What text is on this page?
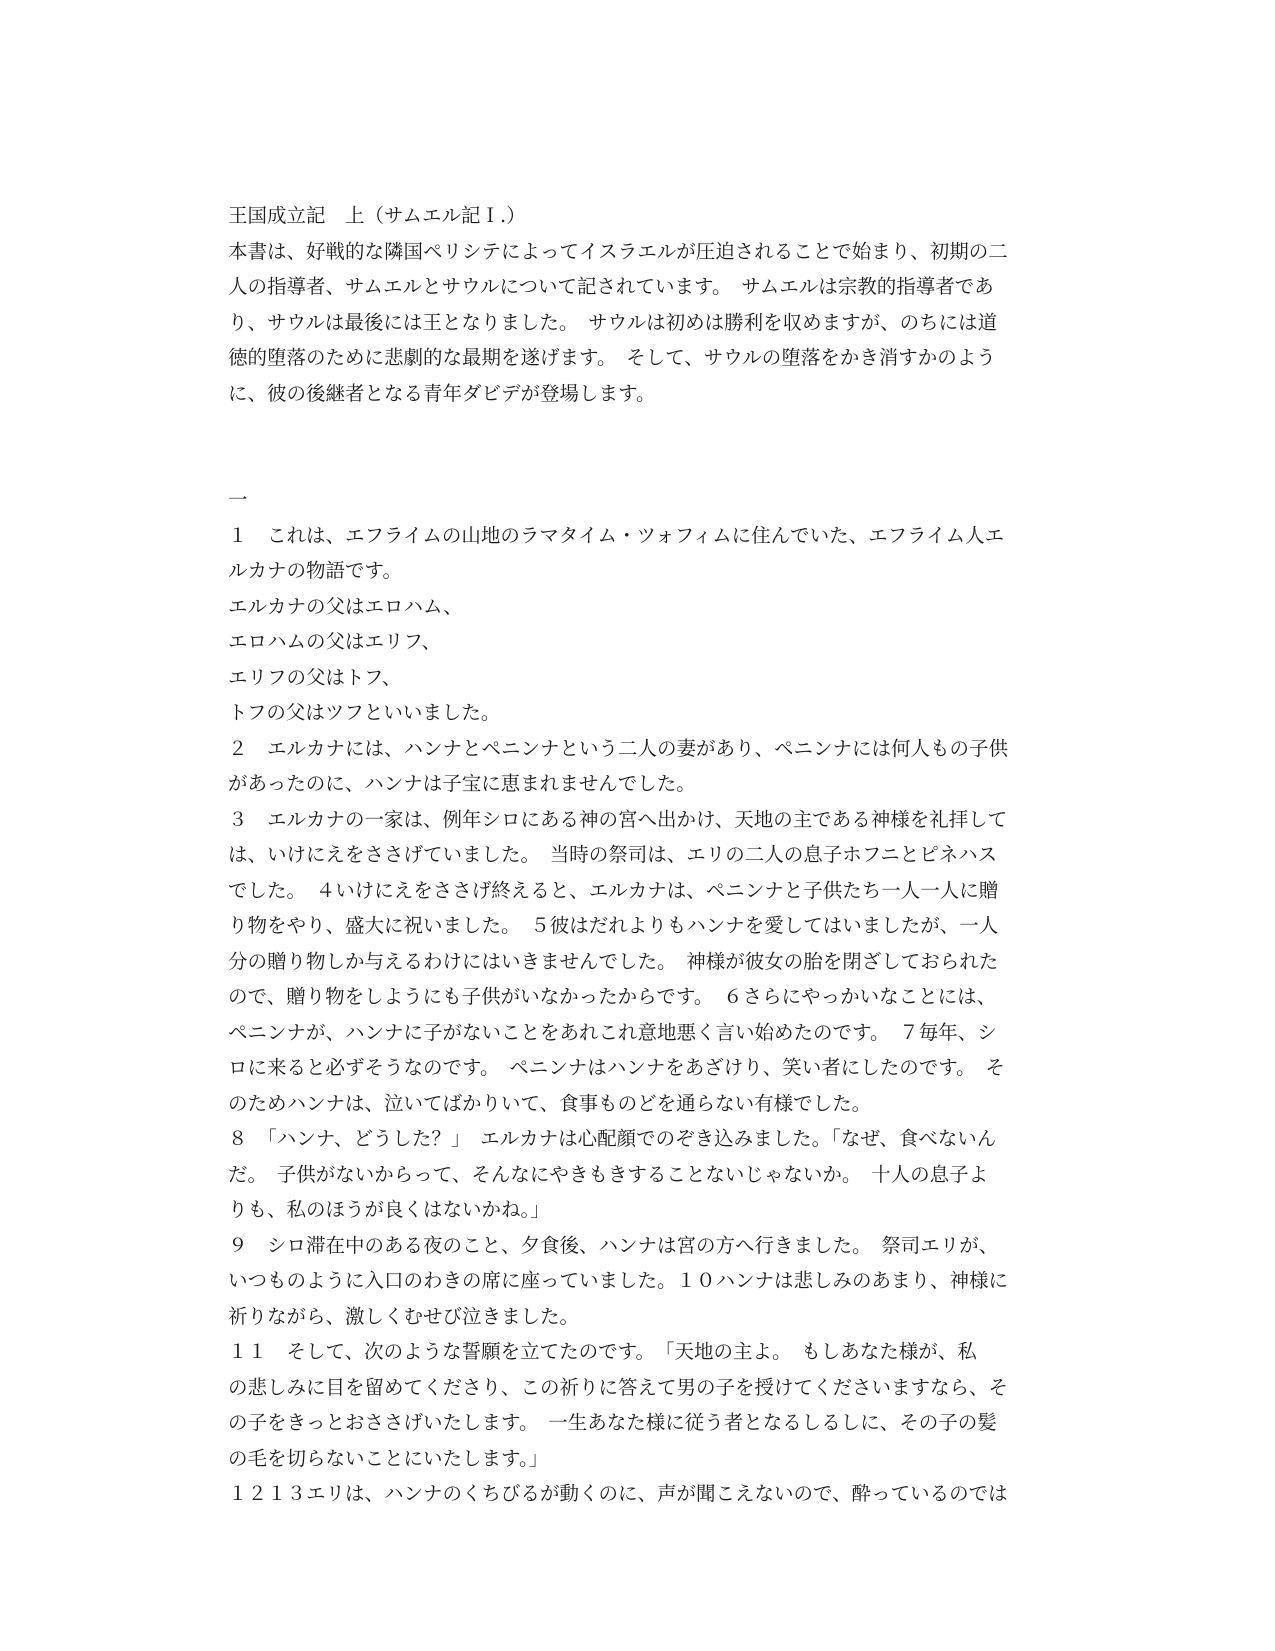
王国成立記　上（サムエル記Ｉ.）
本書は、好戦的な隣国ペリシテによってイスラエルが圧迫されることで始まり、初期の二
人の指導者、サムエルとサウルについて記されています。　サムエルは宗教的指導者であ
り、サウルは最後には王となりました。　サウルは初めは勝利を収めますが、のちには道
徳的堕落のために悲劇的な最期を遂げます。　そして、サウルの堕落をかき消すかのよう
に、彼の後継者となる青年ダビデが登場します。
一
１　これは、エフライムの山地のラマタイム・ツォフィムに住んでいた、エフライム人エ
ルカナの物語です。
エルカナの父はエロハム、
エロハムの父はエリフ、
エリフの父はトフ、
トフの父はツフといいました。
２　エルカナには、ハンナとペニンナという二人の妻があり、ペニンナには何人もの子供
があったのに、ハンナは子宝に恵まれませんでした。
３　エルカナの一家は、例年シロにある神の宮へ出かけ、天地の主である神様を礼拝して
は、いけにえをささげていました。　当時の祭司は、エリの二人の息子ホフニとピネハス
でした。　４いけにえをささげ終えると、エルカナは、ペニンナと子供たち一人一人に贈
り物をやり、盛大に祝いました。　５彼はだれよりもハンナを愛してはいましたが、一人
分の贈り物しか与えるわけにはいきませんでした。　神様が彼女の胎を閉ざしておられた
ので、贈り物をしようにも子供がいなかったからです。　６さらにやっかいなことには、
ペニンナが、ハンナに子がないことをあれこれ意地悪く言い始めたのです。　７毎年、シ
ロに来ると必ずそうなのです。　ペニンナはハンナをあざけり、笑い者にしたのです。　そ
のためハンナは、泣いてばかりいて、食事ものどを通らない有様でした。
８　「ハンナ、どうした？」　エルカナは心配顔でのぞき込みました。「なぜ、食べないん
だ。　子供がないからって、そんなにやきもきすることないじゃないか。　十人の息子よ
りも、私のほうが良くはないかね。」
９　シロ滞在中のある夜のこと、夕食後、ハンナは宮の方へ行きました。　祭司エリが、
いつものように入口のわきの席に座っていました。１０ハンナは悲しみのあまり、神様に
祈りながら、激しくむせび泣きました。
１１　そして、次のような誓願を立てたのです。　「天地の主よ。　もしあなた様が、私
の悲しみに目を留めてくださり、この祈りに答えて男の子を授けてくださいますなら、そ
の子をきっとおささげいたします。　一生あなた様に従う者となるしるしに、その子の髪
の毛を切らないことにいたします。」
１２１３エリは、ハンナのくちびるが動くのに、声が聞こえないので、酔っているのでは
